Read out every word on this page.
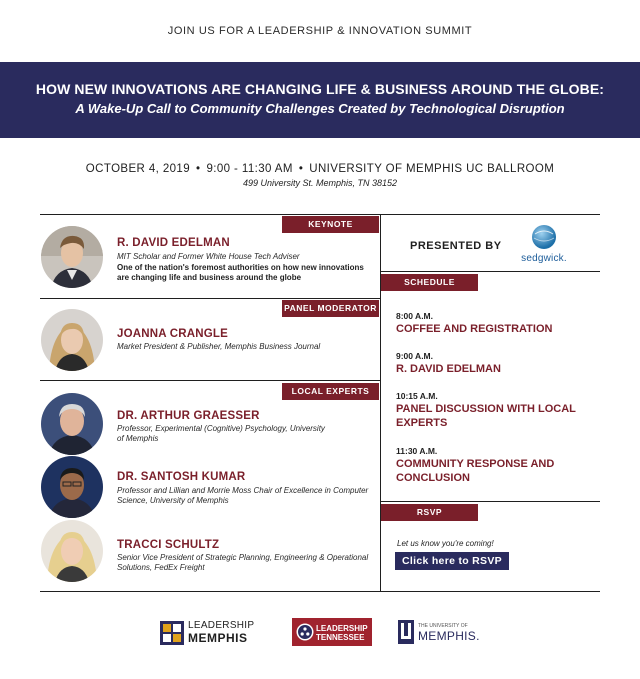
JOIN US FOR A LEADERSHIP & INNOVATION SUMMIT
HOW NEW INNOVATIONS ARE CHANGING LIFE & BUSINESS AROUND THE GLOBE:
A Wake-Up Call to Community Challenges Created by Technological Disruption
OCTOBER 4, 2019 • 9:00 - 11:30 AM • UNIVERSITY OF MEMPHIS UC BALLROOM
499 University St. Memphis, TN 38152
KEYNOTE
PANEL MODERATOR
LOCAL EXPERTS
SCHEDULE
RSVP
R. DAVID EDELMAN
MIT Scholar and Former White House Tech Adviser
One of the nation's foremost authorities on how new innovations are changing life and business around the globe
JOANNA CRANGLE
Market President & Publisher, Memphis Business Journal
DR. ARTHUR GRAESSER
Professor, Experimental (Cognitive) Psychology, University of Memphis
DR. SANTOSH KUMAR
Professor and Lillian and Morrie Moss Chair of Excellence in Computer Science, University of Memphis
TRACCI SCHULTZ
Senior Vice President of Strategic Planning, Engineering & Operational Solutions, FedEx Freight
PRESENTED BY
sedgwick.
8:00 A.M.
COFFEE AND REGISTRATION
9:00 A.M.
R. DAVID EDELMAN
10:15 A.M.
PANEL DISCUSSION WITH LOCAL EXPERTS
11:30 A.M.
COMMUNITY RESPONSE AND CONCLUSION
Let us know you're coming!
Click here to RSVP
LEADERSHIP
MEMPHIS
LEADERSHIP
TENNESSEE
THE UNIVERSITY OF
MEMPHIS.
